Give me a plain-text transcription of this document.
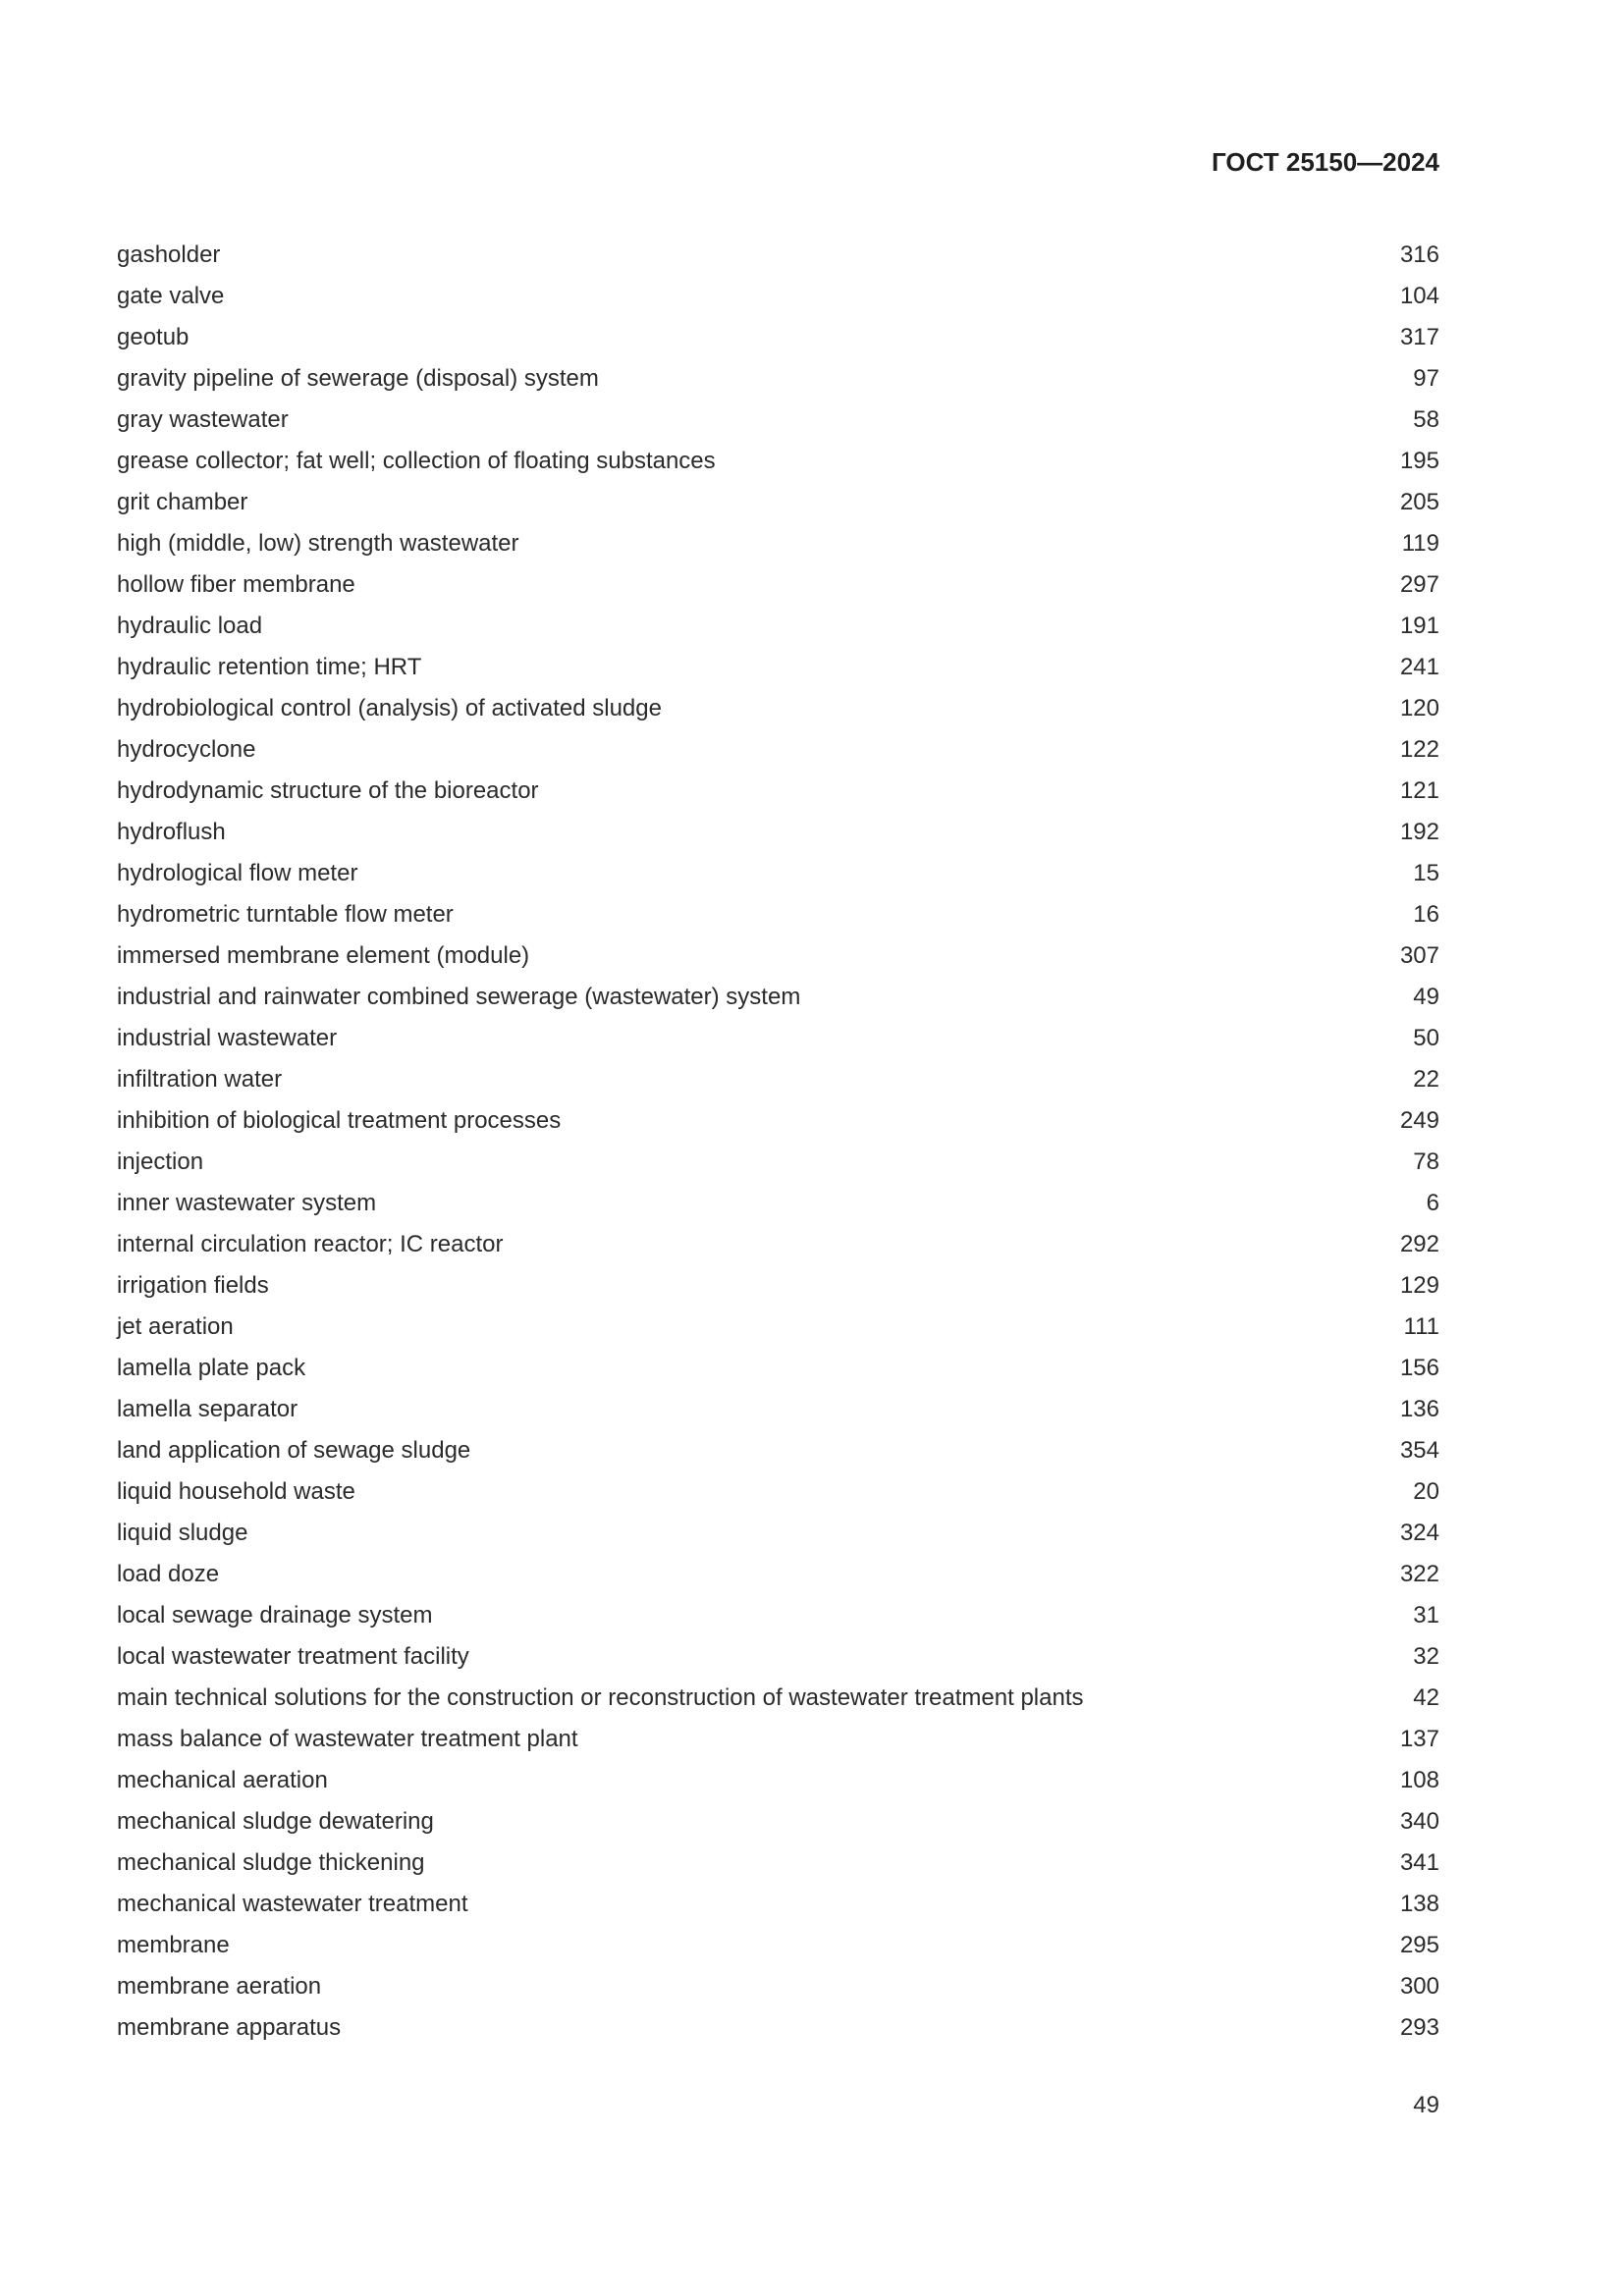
ГОСТ 25150—2024
gasholder	316
gate valve	104
geotub	317
gravity pipeline of sewerage (disposal) system	97
gray wastewater	58
grease collector; fat well; collection of floating substances	195
grit chamber	205
high (middle, low) strength wastewater	119
hollow fiber membrane	297
hydraulic load	191
hydraulic retention time; HRT	241
hydrobiological control (analysis) of activated sludge	120
hydrocyclone	122
hydrodynamic structure of the bioreactor	121
hydroflush	192
hydrological flow meter	15
hydrometric turntable flow meter	16
immersed membrane element (module)	307
industrial and rainwater combined sewerage (wastewater) system	49
industrial wastewater	50
infiltration water	22
inhibition of biological treatment processes	249
injection	78
inner wastewater system	6
internal circulation reactor; IC reactor	292
irrigation fields	129
jet aeration	111
lamella plate pack	156
lamella separator	136
land application of sewage sludge	354
liquid household waste	20
liquid sludge	324
load doze	322
local sewage drainage system	31
local wastewater treatment facility	32
main technical solutions for the construction or reconstruction of wastewater treatment plants	42
mass balance of wastewater treatment plant	137
mechanical aeration	108
mechanical sludge dewatering	340
mechanical sludge thickening	341
mechanical wastewater treatment	138
membrane	295
membrane aeration	300
membrane apparatus	293
49
